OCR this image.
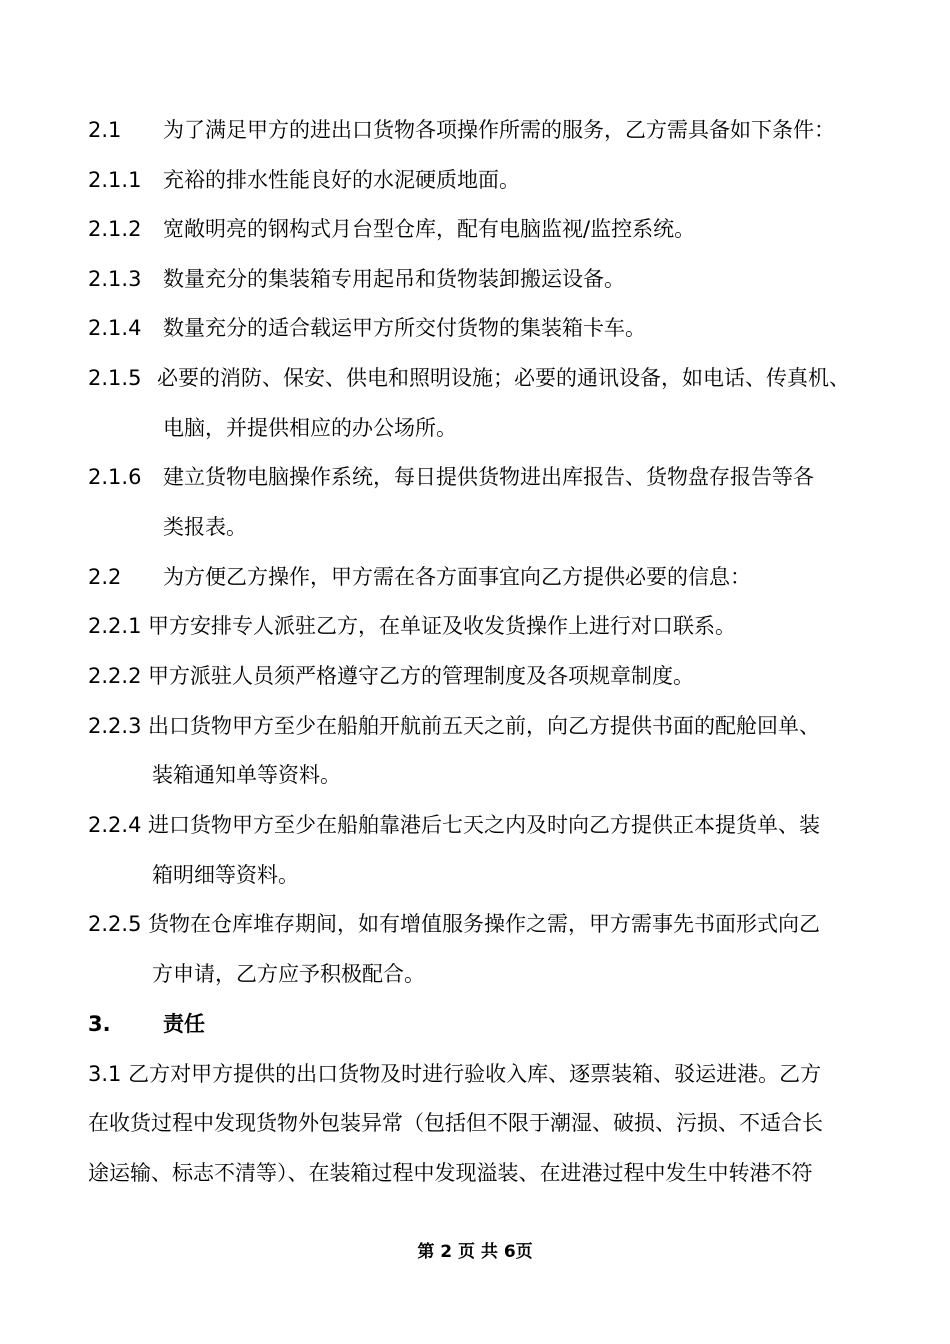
2.1 为了满足甲方的进出口货物各项操作所需的服务，乙方需具备如下条件：
2.1.1 充裕的排水性能良好的水泥硬质地面。
2.1.2 宽敞明亮的钢构式月台型仓库，配有电脑监视/监控系统。
2.1.3 数量充分的集装箱专用起吊和货物装卸搬运设备。
2.1.4 数量充分的适合载运甲方所交付货物的集装箱卡车。
2.1.5 必要的消防、保安、供电和照明设施；必要的通讯设备，如电话、传真机、
电脑，并提供相应的办公场所。
2.1.6 建立货物电脑操作系统，每日提供货物进出库报告、货物盘存报告等各
类报表。
2.2 为方便乙方操作，甲方需在各方面事宜向乙方提供必要的信息：
2.2.1 甲方安排专人派驻乙方，在单证及收发货操作上进行对口联系。
2.2.2 甲方派驻人员须严格遵守乙方的管理制度及各项规章制度。
2.2.3 出口货物甲方至少在船舶开航前五天之前，向乙方提供书面的配舱回单、
装箱通知单等资料。
2.2.4 进口货物甲方至少在船舶靠港后七天之内及时向乙方提供正本提货单、装
箱明细等资料。
2.2.5 货物在仓库堆存期间，如有增值服务操作之需，甲方需事先书面形式向乙
方申请，乙方应予积极配合。
3. 责任
3.1 乙方对甲方提供的出口货物及时进行验收入库、逐票装箱、驳运进港。乙方
在收货过程中发现货物外包装异常（包括但不限于潮湿、破损、污损、不适合长
途运输、标志不清等）、在装箱过程中发现溢装、在进港过程中发生中转港不符
第 2 页 共 6页
